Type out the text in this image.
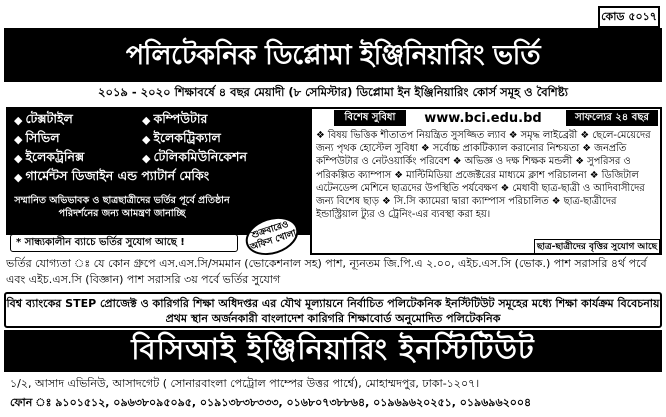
কোড ৫০১৭
পলিটেকনিক ডিপ্লোমা ইঞ্জিনিয়ারিং ভর্তি
২০১৯ - ২০২০ শিক্ষাবর্ষে ৪ বছর মেয়াদী (৮ সেমিস্টার) ডিপ্লোমা ইন ইঞ্জিনিয়ারিং কোর্স সমূহ ও বৈশিষ্ট্য
◆ টেক্সটাইল	◆ কম্পিউটার
◆ সিভিল	◆ ইলেকট্রিক্যাল
◆ ইলেকট্রনিক্স	◆ টেলিকমিউনিকেশন
◆ গার্মেন্টস ডিজাইন এন্ড প্যাটার্ন মেকিং
সম্মানিত অভিভাবক ও ছাত্রছাত্রীদের ভর্তির পূর্বে প্রতিষ্ঠান পরিদর্শনের জন্য আমন্ত্রণ জানাচ্ছি
* সান্ধ্যকালীন ব্যাচে ভর্তির সুযোগ আছে !
শুক্রবারেও অফিস খোলা
বিশেষ সুবিধা	www.bci.edu.bd	সাফল্যের ২৪ বছর
❖ বিষয় ভিত্তিক শীতাতপ নিয়ন্ত্রিত সুসজ্জিত ল্যাব ❖ সমৃদ্ধ লাইব্রেরী ❖ ছেলে-মেয়েদের জন্য পৃথক হোস্টেল সুবিধা ❖ সর্বোচ্চ প্রাকটিক্যাল করানোর নিশ্চয়তা ❖ জনপ্রতি কম্পিউটার ও নেটওয়ার্কিং পরিবেশ ❖ অভিজ্ঞ ও দক্ষ শিক্ষক মন্ডলী ❖ সুপরিসর ও পরিকল্পিত ক্যাম্পাস ❖ মাল্টিমিডিয়া প্রজেক্টরের মাধ্যমে ক্লাশ পরিচালনা ❖ ডিজিটাল এটেনডেন্স মেশিনে ছাত্রদের উপস্থিতি পর্যবেক্ষণ ❖ মেধাবী ছাত্র-ছাত্রী ও আদিবাসীদের জন্য বিশেষ ছাড় ❖ সি.সি ক্যামেরা দ্বারা ক্যাম্পাস পরিচালিত ❖ ছাত্র-ছাত্রীদের ইন্ডাস্ট্রিয়াল ট্যুর ও ট্রেনিং-এর ব্যবস্থা করা হয়।
ছাত্র-ছাত্রীদের বৃত্তির সুযোগ আছে
ভর্তির যোগ্যতা ঃ যে কোন গ্রুপে এস.এস.সি/সমমান (ভোকেশনাল সহ) পাশ, ন্যূনতম জি.পি.এ ২.০০, এইচ.এস.সি (ভোক.) পাশ সরাসরি ৪র্থ পর্বে এবং এইচ.এস.সি (বিজ্ঞান) পাশ সরাসরি ৩য় পর্বে ভর্তির সুযোগ
বিশ্ব ব্যাংকের STEP প্রোজেক্ট ও কারিগরি শিক্ষা অধিদপ্তর এর যৌথ মূল্যায়নে নির্বাচিত পলিটেকনিক ইনস্টিটিউট সমূহের মধ্যে শিক্ষা কার্যক্রম বিবেচনায় প্রথম স্থান অর্জনকারী বাংলাদেশ কারিগরি শিক্ষাবোর্ড অনুমোদিত পলিটেকনিক
বিসিআই ইঞ্জিনিয়ারিং ইনস্টিটিউট
১/২, আসাদ এভিনিউ, আসাদগেট ( সোনারবাংলা পেট্রোল পাম্পের উত্তর পার্শ্বে), মোহাম্মদপুর, ঢাকা-১২০৭।
ফোন ঃ ৯১০১৫১২, ০৯৬৩৮০৯৫০৯৫, ০১৯১৩৮৩৮৩৩৩, ০১৬৮০৭৩৮৮৬৪, ০১৯৬৯৬২০২৫১, ০১৯৬৯৬২০০৪
